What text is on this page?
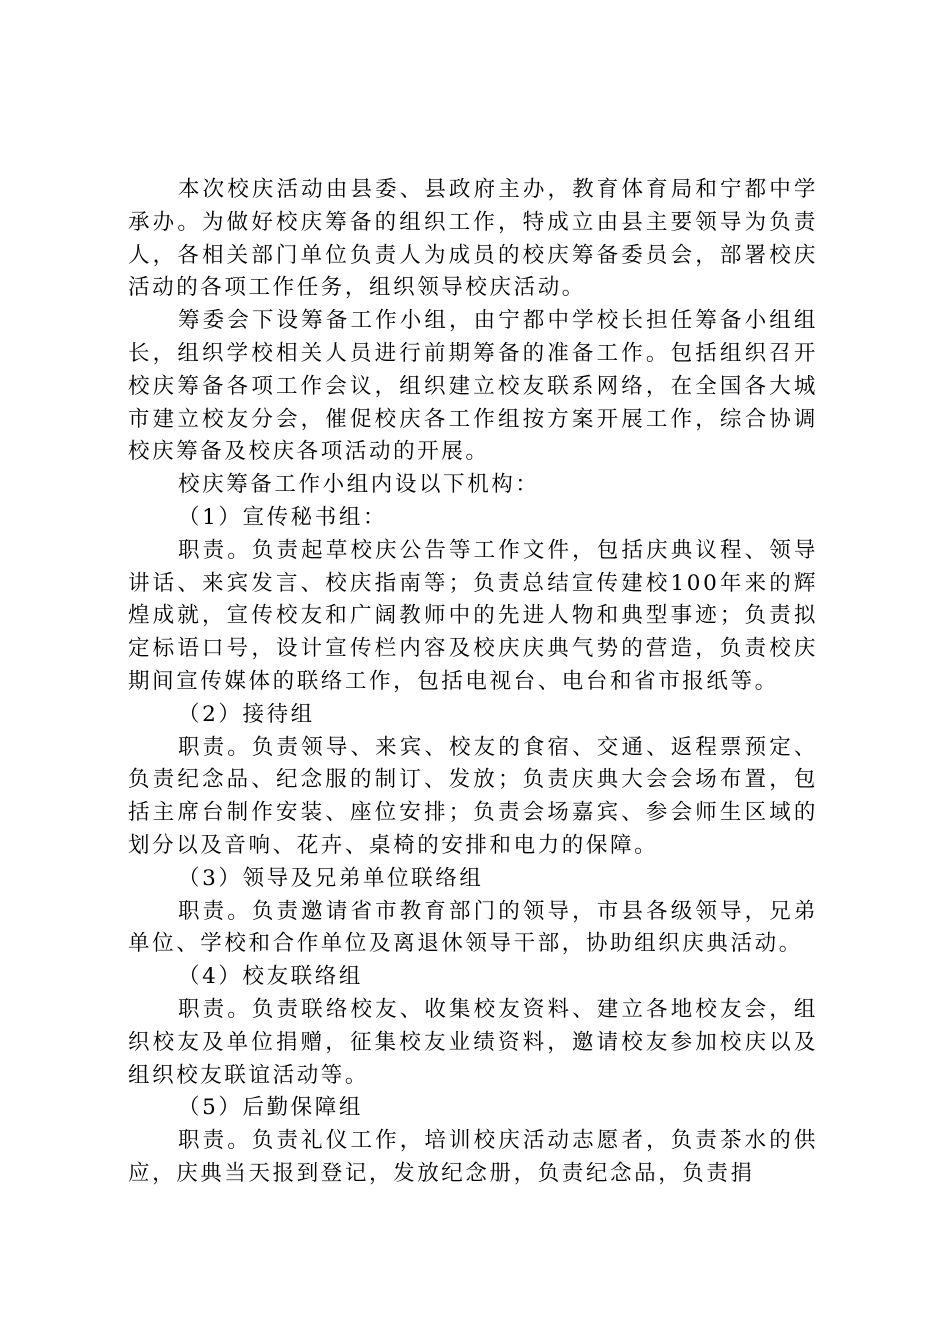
本次校庆活动由县委、县政府主办，教育体育局和宁都中学承办。为做好校庆筹备的组织工作，特成立由县主要领导为负责人，各相关部门单位负责人为成员的校庆筹备委员会，部署校庆活动的各项工作任务，组织领导校庆活动。

筹委会下设筹备工作小组，由宁都中学校长担任筹备小组组长，组织学校相关人员进行前期筹备的准备工作。包括组织召开校庆筹备各项工作会议，组织建立校友联系网络，在全国各大城市建立校友分会，催促校庆各工作组按方案开展工作，综合协调校庆筹备及校庆各项活动的开展。

校庆筹备工作小组内设以下机构：

（1）宣传秘书组：

职责。负责起草校庆公告等工作文件，包括庆典议程、领导讲话、来宾发言、校庆指南等；负责总结宣传建校100年来的辉煌成就，宣传校友和广阔教师中的先进人物和典型事迹；负责拟定标语口号，设计宣传栏内容及校庆庆典气势的营造，负责校庆期间宣传媒体的联络工作，包括电视台、电台和省市报纸等。

（2）接待组

职责。负责领导、来宾、校友的食宿、交通、返程票预定、负责纪念品、纪念服的制订、发放；负责庆典大会会场布置，包括主席台制作安装、座位安排；负责会场嘉宾、参会师生区域的划分以及音响、花卉、桌椅的安排和电力的保障。

（3）领导及兄弟单位联络组

职责。负责邀请省市教育部门的领导，市县各级领导，兄弟单位、学校和合作单位及离退休领导干部，协助组织庆典活动。

（4）校友联络组

职责。负责联络校友、收集校友资料、建立各地校友会，组织校友及单位捐赠，征集校友业绩资料，邀请校友参加校庆以及组织校友联谊活动等。

（5）后勤保障组

职责。负责礼仪工作，培训校庆活动志愿者，负责茶水的供应，庆典当天报到登记，发放纪念册，负责纪念品，负责捐
